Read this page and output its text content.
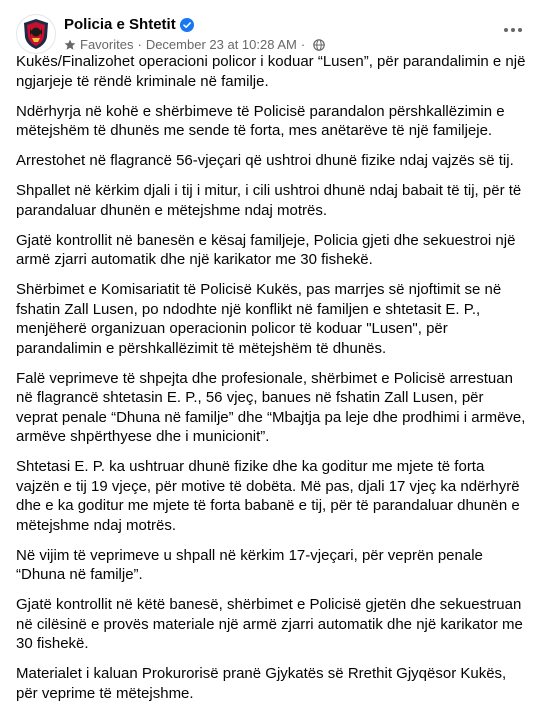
Policia e Shtetit
Favorites · December 23 at 10:28 AM ·

Kukës/Finalizohet operacioni policor i koduar “Lusen”, për parandalimin e një ngjarjeje të rëndë kriminale në familje.

Ndërhyrja në kohë e shërbimeve të Policisë parandalon përshkallëzimin e mëtejshëm të dhunës me sende të forta, mes anëtarëve të një familjeje.

Arrestohet në flagrancë 56-vjeçari që ushtroi dhunë fizike ndaj vajzës së tij.

Shpallet në kërkim djali i tij i mitur, i cili ushtroi dhunë ndaj babait të tij, për të parandaluar dhunën e mëtejshme ndaj motrës.

Gjatë kontrollit në banesën e kësaj familjeje, Policia gjeti dhe sekuestroi një armë zjarri automatik dhe një karikator me 30 fishekë.

Shërbimet e Komisariatit të Policisë Kukës, pas marrjes së njoftimit se në fshatin Zall Lusen, po ndodhte një konflikt në familjen e shtetasit E. P., menjëherë organizuan operacionin policor të koduar "Lusen", për parandalimin e përshkallëzimit të mëtejshëm të dhunës.

Falë veprimeve të shpejta dhe profesionale, shërbimet e Policisë arrestuan në flagrancë shtetasin E. P., 56 vjeç, banues në fshatin Zall Lusen, për veprat penale “Dhuna në familje” dhe “Mbajtja pa leje dhe prodhimi i armëve, armëve shpërthyese dhe i municionit”.

Shtetasi E. P. ka ushtruar dhunë fizike dhe ka goditur me mjete të forta vajzën e tij 19 vjeçe, për motive të dobëta. Më pas, djali 17 vjeç ka ndërhyrë dhe e ka goditur me mjete të forta babanë e tij, për të parandaluar dhunën e mëtejshme ndaj motrës.

Në vijim të veprimeve u shpall në kërkim 17-vjeçari, për veprën penale “Dhuna në familje”.

Gjatë kontrollit në këtë banesë, shërbimet e Policisë gjetën dhe sekuestruan në cilësinë e provës materiale një armë zjarri automatik dhe një karikator me 30 fishekë.

Materialet i kaluan Prokurorisë pranë Gjykatës së Rrethit Gjyqësor Kukës, për veprime të mëtejshme.
